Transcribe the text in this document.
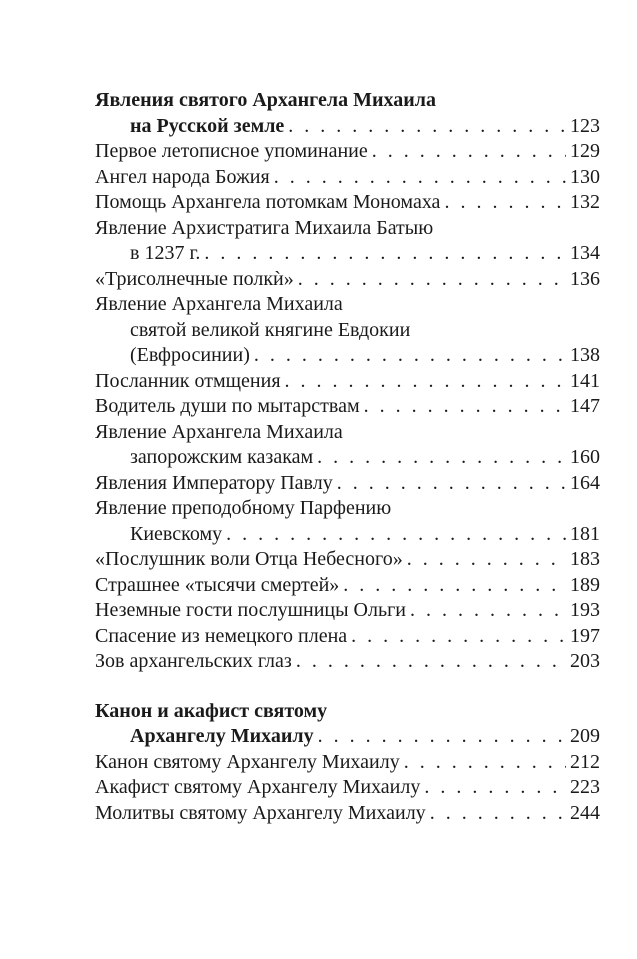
Явления святого Архангела Михаила
на Русской земле . . .	123
Первое летописное упоминание . . .	129
Ангел народа Божия . . .	130
Помощь Архангела потомкам Мономаха . . .	132
Явление Архистратига Михаила Батыю
в 1237 г. . . .	134
«Трисолнечные полкѝ» . . .	136
Явление Архангела Михаила
святой великой княгине Евдокии
(Евфросинии) . . .	138
Посланник отмщения . . .	141
Водитель души по мытарствам . . .	147
Явление Архангела Михаила
запорожским казакам . . .	160
Явления Императору Павлу . . .	164
Явление преподобному Парфению
Киевскому . . .	181
«Послушник воли Отца Небесного» . . .	183
Страшнее «тысячи смертей» . . .	189
Неземные гости послушницы Ольги . . .	193
Спасение из немецкого плена . . .	197
Зов архангельских глаз . . .	203
Канон и акафист святому
Архангелу Михаилу . . .	209
Канон святому Архангелу Михаилу . . .	212
Акафист святому Архангелу Михаилу . . .	223
Молитвы святому Архангелу Михаилу . . .	244
